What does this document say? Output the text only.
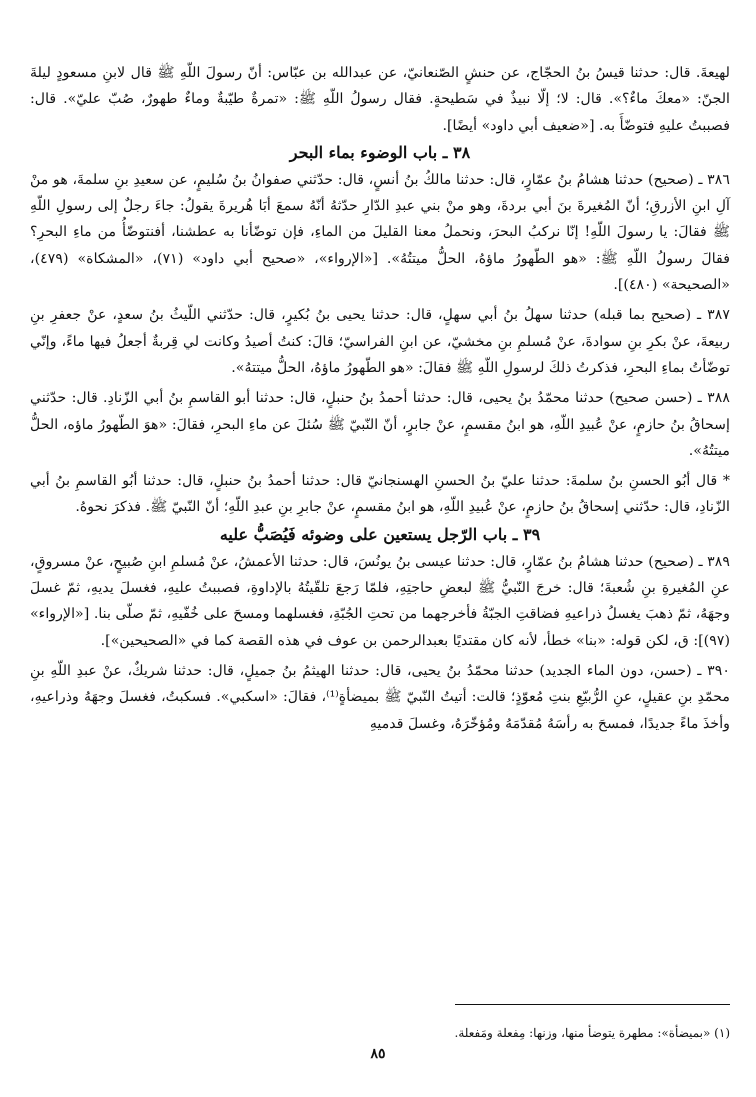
لهيعةَ. قال: حدثنا قيسُ بنُ الحجّاج، عن حنشٍ الصّنعانيّ، عن عبدالله بن عبّاس: أنّ رسولَ اللّهِ ﷺ قال لابنِ مسعودٍ ليلةَ الجنّ: «معكَ ماءٌ؟». قال: لا؛ إلّا نبيذٌ في سَطيحةٍ. فقال رسولُ اللّهِ ﷺ: «تمرةٌ طيّبةٌ وماءٌ طهورٌ، صُبّ عليّ». قال: فصببتُ عليهِ فتوضّأَ به. [«ضعيف أبي داود» أيضًا].

٣٨ ـ باب الوضوء بماء البحر

٣٨٦ ـ (صحيح) حدثنا هشامُ بنُ عمّارٍ، قال: حدثنا مالكُ بنُ أنسٍ، قال: حدّثني صفوانُ بنُ سُليمٍ، عن سعيدِ بنِ سلمةَ، هو منْ آلِ ابنِ الأزرقِ؛ أنّ المُغيرةَ بنَ أبي بردةَ، وهو منْ بني عبدِ الدّارِ حدّثهُ أنّهُ سمعَ أبَا هُريرةَ يقولُ: جاءَ رجلٌ إلى رسولِ اللّهِ ﷺ فقالَ: يا رسولَ اللّهِ! إنّا نركبُ البحرَ، ونحملُ معنا القليلَ من الماءِ، فإن توضّأنا به عطشنا، أفنتوضّأُ من ماءِ البحرِ؟ فقالَ رسولُ اللّهِ ﷺ: «هو الطّهورُ ماؤهُ، الحلُّ ميتتُهُ». [«الإرواء»، «صحيح أبي داود» (٧١)، «المشكاة» (٤٧٩)، «الصحيحة» (٤٨٠)].

٣٨٧ ـ (صحيح بما قبله) حدثنا سهلُ بنُ أبي سهلٍ، قال: حدثنا يحيى بنُ بُكيرٍ، قال: حدّثني اللّيثُ بنُ سعدٍ، عنْ جعفرِ بنِ ربيعةَ، عنْ بكرِ بنِ سوادةَ، عنْ مُسلمِ بنِ مخشيّ، عن ابنِ الفراسيّ؛ قالَ: كنتُ أصيدُ وكانت لي قِربةٌ أجعلُ فيها ماءً، وإنّي توضّأتُ بماءِ البحرِ، فذكرتُ ذلكَ لرسولِ اللّهِ ﷺ فقالَ: «هو الطّهورُ ماؤهُ، الحلُّ ميتتهُ».

٣٨٨ ـ (حسن صحيح) حدثنا محمّدُ بنُ يحيى، قال: حدثنا أحمدُ بنُ حنبلٍ، قال: حدثنا أبو القاسمِ بنُ أبي الزّنادِ. قال: حدّثني إسحاقُ بنُ حازمٍ، عنْ عُبيدِ اللّهِ، هو ابنُ مقسمٍ، عنْ جابرٍ، أنّ النّبيّ ﷺ سُئلَ عن ماءِ البحرِ، فقالَ: «هوَ الطّهورُ ماؤه، الحلُّ ميتتُهُ».

* قال أبُو الحسنِ بنُ سلمةَ: حدثنا عليّ بنُ الحسنِ الهسنجانيّ قال: حدثنا أحمدُ بنُ حنبلٍ، قال: حدثنا أبُو القاسمِ بنُ أبي الزّنادِ، قال: حدّثني إسحاقُ بنُ حازمٍ، عنْ عُبيدِ اللّهِ، هو ابنُ مقسمٍ، عنْ جابرِ بنِ عبدِ اللّهِ؛ أنّ النّبيّ ﷺ. فذكرَ نحوهُ.

٣٩ ـ باب الرّجل يستعين على وضوئه فَيُصَبُّ عليه

٣٨٩ ـ (صحيح) حدثنا هشامُ بنُ عمّارٍ، قال: حدثنا عيسى بنُ يونُسَ، قال: حدثنا الأعمشُ، عنْ مُسلمِ ابنِ صُبيحٍ، عنْ مسروقٍ، عنِ المُغيرةِ بنِ شُعبةَ؛ قال: خرجَ النّبيُّ ﷺ لبعضِ حاجتِهِ، فلمّا رَجعَ تلقّيتُهُ بالإداوةِ، فصببتُ عليهِ، فغسلَ يديهِ، ثمّ غسلَ وجهَهُ، ثمّ ذهبَ يغسلُ ذراعيهِ فضاقتِ الجبّةُ فأخرجهما من تحتِ الجُبّةِ، فغسلهما ومسحَ على خُفّيهِ، ثمّ صلّى بنا. [«الإرواء» (٩٧)]: ق، لكن قوله: «بنا» خطأ، لأنه كان مقتديًا بعبدالرحمن بن عوف في هذه القصة كما في «الصحيحين»].

٣٩٠ ـ (حسن، دون الماء الجديد) حدثنا محمّدُ بنُ يحيى، قال: حدثنا الهيثمُ بنُ جميلٍ، قال: حدثنا شريكٌ، عنْ عبدِ اللّهِ بنِ محمّدِ بنِ عقيلٍ، عنِ الرُّبيّعِ بنتِ مُعوّذٍ؛ قالت: أتيتُ النّبيّ ﷺ بميضأةٍ⁽¹⁾، فقالَ: «اسكبي». فسكبتُ، فغسلَ وجهَهُ وذراعيهِ، وأخذَ ماءً جديدًا، فمسحَ به رأسَهُ مُقدّمَهُ ومُؤخّرَهُ، وغسلَ قدميهِ

(١) «بميضأة»: مطهرة يتوضأ منها، وزنها: مِفعلة ومَفعلة.
٨٥
